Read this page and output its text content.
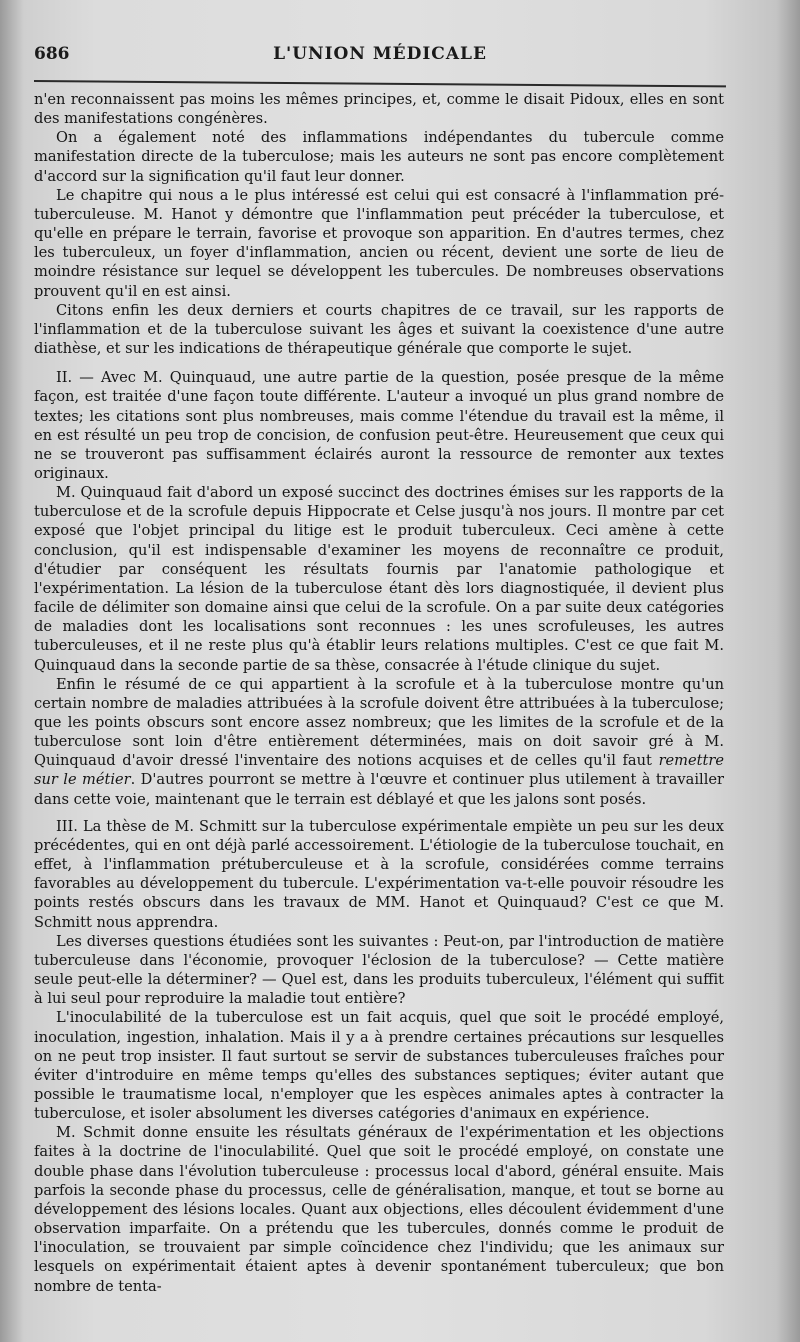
686	L'UNION MÉDICALE

n'en reconnaissent pas moins les mêmes principes, et, comme le disait Pidoux, elles en sont des manifestations congénères.

On a également noté des inflammations indépendantes du tubercule comme manifestation directe de la tuberculose; mais les auteurs ne sont pas encore complètement d'accord sur la signification qu'il faut leur donner.

Le chapitre qui nous a le plus intéressé est celui qui est consacré à l'inflammation pré-tuberculeuse. M. Hanot y démontre que l'inflammation peut précéder la tuberculose, et qu'elle en prépare le terrain, favorise et provoque son apparition. En d'autres termes, chez les tuberculeux, un foyer d'inflammation, ancien ou récent, devient une sorte de lieu de moindre résistance sur lequel se développent les tubercules. De nombreuses observations prouvent qu'il en est ainsi.

Citons enfin les deux derniers et courts chapitres de ce travail, sur les rapports de l'inflammation et de la tuberculose suivant les âges et suivant la coexistence d'une autre diathèse, et sur les indications de thérapeutique générale que comporte le sujet.

II. — Avec M. Quinquaud, une autre partie de la question, posée presque de la même façon, est traitée d'une façon toute différente. L'auteur a invoqué un plus grand nombre de textes; les citations sont plus nombreuses, mais comme l'étendue du travail est la même, il en est résulté un peu trop de concision, de confusion peut-être. Heureusement que ceux qui ne se trouveront pas suffisamment éclairés auront la ressource de remonter aux textes originaux.

M. Quinquaud fait d'abord un exposé succinct des doctrines émises sur les rapports de la tuberculose et de la scrofule depuis Hippocrate et Celse jusqu'à nos jours. Il montre par cet exposé que l'objet principal du litige est le produit tuberculeux. Ceci amène à cette conclusion, qu'il est indispensable d'examiner les moyens de reconnaître ce produit, d'étudier par conséquent les résultats fournis par l'anatomie pathologique et l'expérimentation. La lésion de la tuberculose étant dès lors diagnostiquée, il devient plus facile de délimiter son domaine ainsi que celui de la scrofule. On a par suite deux catégories de maladies dont les localisations sont reconnues : les unes scrofuleuses, les autres tuberculeuses, et il ne reste plus qu'à établir leurs relations multiples. C'est ce que fait M. Quinquaud dans la seconde partie de sa thèse, consacrée à l'étude clinique du sujet.

Enfin le résumé de ce qui appartient à la scrofule et à la tuberculose montre qu'un certain nombre de maladies attribuées à la scrofule doivent être attribuées à la tuberculose; que les points obscurs sont encore assez nombreux; que les limites de la scrofule et de la tuberculose sont loin d'être entièrement déterminées, mais on doit savoir gré à M. Quinquaud d'avoir dressé l'inventaire des notions acquises et de celles qu'il faut remettre sur le métier. D'autres pourront se mettre à l'œuvre et continuer plus utilement à travailler dans cette voie, maintenant que le terrain est déblayé et que les jalons sont posés.

III. La thèse de M. Schmitt sur la tuberculose expérimentale empiète un peu sur les deux précédentes, qui en ont déjà parlé accessoirement. L'étiologie de la tuberculose touchait, en effet, à l'inflammation prétuberculeuse et à la scrofule, considérées comme terrains favorables au développement du tubercule. L'expérimentation va-t-elle pouvoir résoudre les points restés obscurs dans les travaux de MM. Hanot et Quinquaud? C'est ce que M. Schmitt nous apprendra.

Les diverses questions étudiées sont les suivantes : Peut-on, par l'introduction de matière tuberculeuse dans l'économie, provoquer l'éclosion de la tuberculose? — Cette matière seule peut-elle la déterminer? — Quel est, dans les produits tuberculeux, l'élément qui suffit à lui seul pour reproduire la maladie tout entière?

L'inoculabilité de la tuberculose est un fait acquis, quel que soit le procédé employé, inoculation, ingestion, inhalation. Mais il y a à prendre certaines précautions sur lesquelles on ne peut trop insister. Il faut surtout se servir de substances tuberculeuses fraîches pour éviter d'introduire en même temps qu'elles des substances septiques; éviter autant que possible le traumatisme local, n'employer que les espèces animales aptes à contracter la tuberculose, et isoler absolument les diverses catégories d'animaux en expérience.

M. Schmit donne ensuite les résultats généraux de l'expérimentation et les objections faites à la doctrine de l'inoculabilité. Quel que soit le procédé employé, on constate une double phase dans l'évolution tuberculeuse : processus local d'abord, général ensuite. Mais parfois la seconde phase du processus, celle de généralisation, manque, et tout se borne au développement des lésions locales. Quant aux objections, elles découlent évidemment d'une observation imparfaite. On a prétendu que les tubercules, donnés comme le produit de l'inoculation, se trouvaient par simple coïncidence chez l'individu; que les animaux sur lesquels on expérimentait étaient aptes à devenir spontanément tuberculeux; que bon nombre de tenta-
